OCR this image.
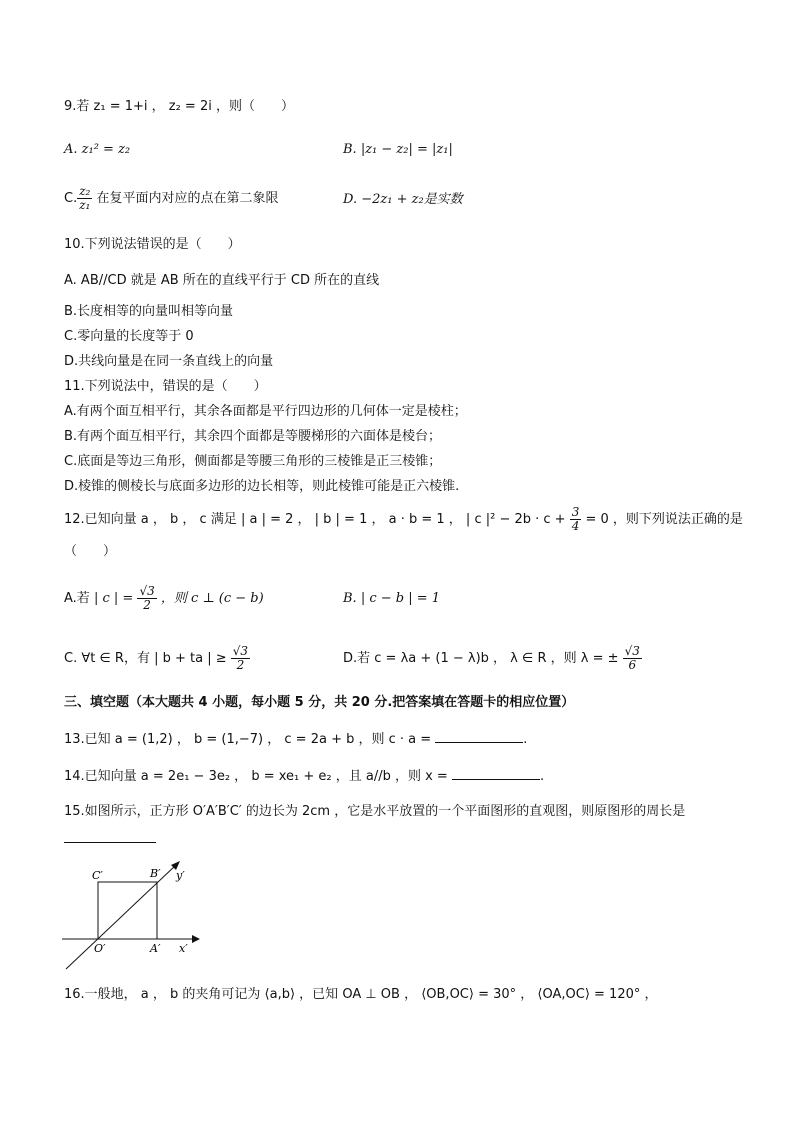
9.若 z₁ = 1+i ， z₂ = 2i ，则（　　）
A. z₁² = z₂	B. |z₁ − z₂| = |z₁|
C. $\frac{\text{z₂}}{\text{z₁}}$ 在复平面内对应的点在第二象限	D. −2z₁ + z₂是实数
10.下列说法错误的是（　　）
A. AB//CD 就是 AB 所在的直线平行于 CD 所在的直线
B.长度相等的向量叫相等向量
C.零向量的长度等于 0
D.共线向量是在同一条直线上的向量
11.下列说法中，错误的是（　　）
A.有两个面互相平行，其余各面都是平行四边形的几何体一定是棱柱；
B.有两个面互相平行，其余四个面都是等腰梯形的六面体是棱台；
C.底面是等边三角形，侧面都是等腰三角形的三棱锥是正三棱锥；
D.棱锥的侧棱长与底面多边形的边长相等，则此棱锥可能是正六棱锥.
12.已知向量 a ， b ， c 满足 | a | = 2 ， | b | = 1 ， a · b = 1 ， | c $|^2 - 2b \cdot c + \frac{3}{4} = 0$ ，则下列说法正确的是
（　　）
A.若 | c | = $\frac{√3}{2}$ ，则 c ⊥ (c − b)	B. | c − b | = 1
C. ∀t ∈ R，有 | b + ta | ≥ $\frac{√3}{2}$	D.若 c = λa + (1 − λ)b ， λ ∈ R ，则 λ = ± $\frac{√3}{6}$
三、填空题（本大题共 4 小题，每小题 5 分，共 20 分.把答案填在答题卡的相应位置）
13.已知 a = (1,2) ， b = (1,−7) ， c = 2a + b ，则 c · a =	.
14.已知向量 a = 2e₁ − 3e₂ ， b = xe₁ + e₂ ，且 a//b ，则 x =	.
15.如图所示，正方形 O′A′B′C′ 的边长为 2cm ，它是水平放置的一个平面图形的直观图，则原图形的周长是
C′	B′ y′
O′	A′ x′
16.一般地， a ， b 的夹角可记为 ⟨a,b⟩ ，已知 OA ⊥ OB ， ⟨OB,OC⟩ = 30° ， ⟨OA,OC⟩ = 120° ，
